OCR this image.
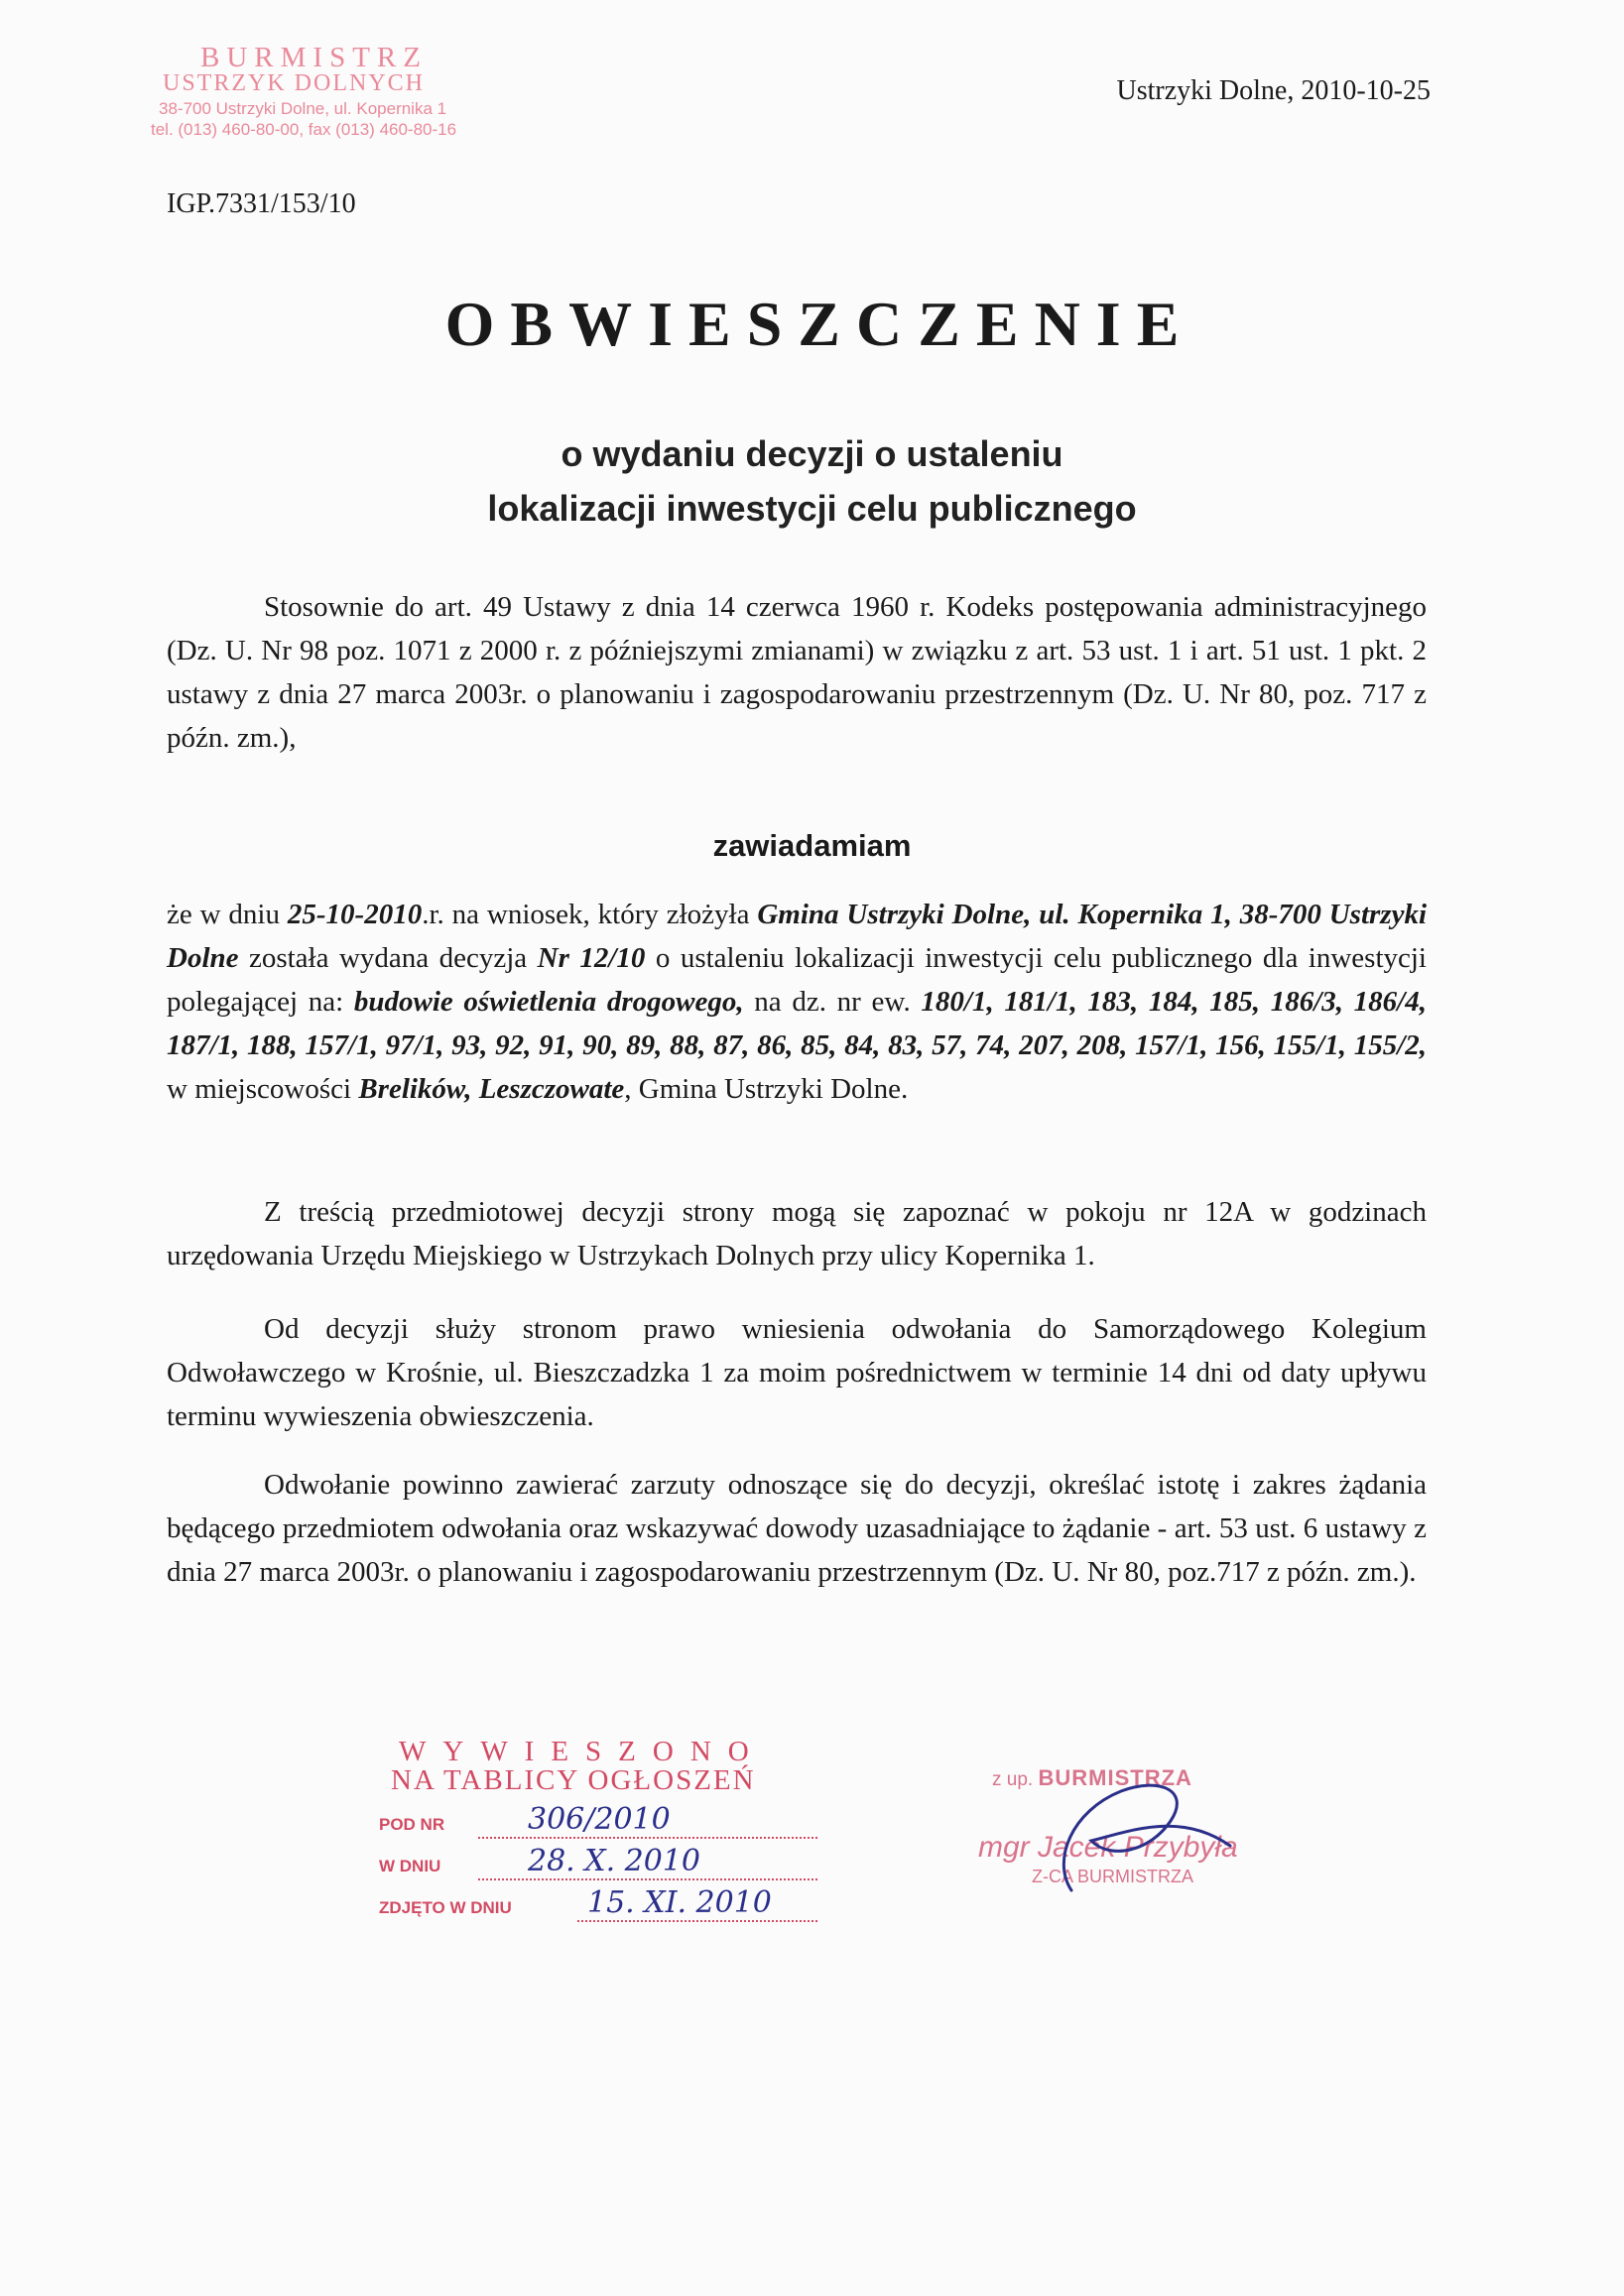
BURMISTRZ
USTRZYK DOLNYCH
38-700 Ustrzyki Dolne, ul. Kopernika 1
tel. (013) 460-80-00, fax (013) 460-80-16
Ustrzyki Dolne, 2010-10-25
IGP.7331/153/10
OBWIESZCZENIE
o wydaniu decyzji o ustaleniu
lokalizacji inwestycji celu publicznego

Stosownie do art. 49 Ustawy z dnia 14 czerwca 1960 r. Kodeks postępowania administracyjnego (Dz. U. Nr 98 poz. 1071 z 2000 r. z późniejszymi zmianami) w związku z art. 53 ust. 1 i art. 51 ust. 1 pkt. 2 ustawy z dnia 27 marca 2003r. o planowaniu i zagospodarowaniu przestrzennym (Dz. U. Nr 80, poz. 717 z późn. zm.),

zawiadamiam

że w dniu 25-10-2010.r. na wniosek, który złożyła Gmina Ustrzyki Dolne, ul. Kopernika 1, 38-700 Ustrzyki Dolne została wydana decyzja Nr 12/10 o ustaleniu lokalizacji inwestycji celu publicznego dla inwestycji polegającej na: budowie oświetlenia drogowego, na dz. nr ew. 180/1, 181/1, 183, 184, 185, 186/3, 186/4, 187/1, 188, 157/1, 97/1, 93, 92, 91, 90, 89, 88, 87, 86, 85, 84, 83, 57, 74, 207, 208, 157/1, 156, 155/1, 155/2, w miejscowości Brelików, Leszczowate, Gmina Ustrzyki Dolne.

Z treścią przedmiotowej decyzji strony mogą się zapoznać w pokoju nr 12A w godzinach urzędowania Urzędu Miejskiego w Ustrzykach Dolnych przy ulicy Kopernika 1.

Od decyzji służy stronom prawo wniesienia odwołania do Samorządowego Kolegium Odwoławczego w Krośnie, ul. Bieszczadzka 1 za moim pośrednictwem w terminie 14 dni od daty upływu terminu wywieszenia obwieszczenia.

Odwołanie powinno zawierać zarzuty odnoszące się do decyzji, określać istotę i zakres żądania będącego przedmiotem odwołania oraz wskazywać dowody uzasadniające to żądanie - art. 53 ust. 6 ustawy z dnia 27 marca 2003r. o planowaniu i zagospodarowaniu przestrzennym (Dz. U. Nr 80, poz.717 z późn. zm.).

WYWIESZONO
NA TABLICY OGŁOSZEŃ
POD NR	306/2010
W DNIU	28. X. 2010
ZDJĘTO W DNIU	15. XI. 2010
z up. BURMISTRZA
mgr Jacek Przybyła
Z-CA BURMISTRZA
